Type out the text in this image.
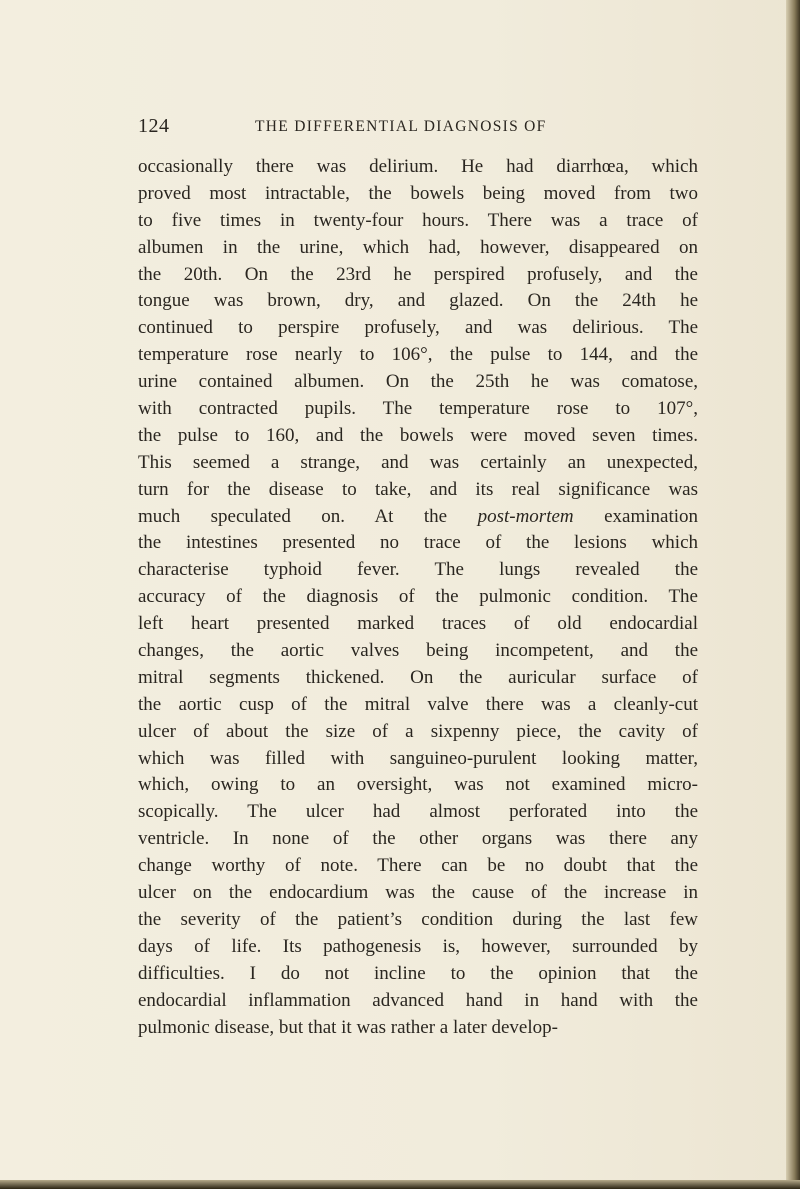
124	THE DIFFERENTIAL DIAGNOSIS OF
occasionally there was delirium. He had diarrhœa, which
proved most intractable, the bowels being moved from two
to five times in twenty-four hours. There was a trace of
albumen in the urine, which had, however, disappeared on
the 20th. On the 23rd he perspired profusely, and the
tongue was brown, dry, and glazed. On the 24th he
continued to perspire profusely, and was delirious. The
temperature rose nearly to 106°, the pulse to 144, and the
urine contained albumen. On the 25th he was comatose,
with contracted pupils. The temperature rose to 107°,
the pulse to 160, and the bowels were moved seven times.
This seemed a strange, and was certainly an unexpected,
turn for the disease to take, and its real significance was
much speculated on. At the post-mortem examination
the intestines presented no trace of the lesions which
characterise typhoid fever. The lungs revealed the
accuracy of the diagnosis of the pulmonic condition. The
left heart presented marked traces of old endocardial
changes, the aortic valves being incompetent, and the
mitral segments thickened. On the auricular surface of
the aortic cusp of the mitral valve there was a cleanly-cut
ulcer of about the size of a sixpenny piece, the cavity of
which was filled with sanguineo-purulent looking matter,
which, owing to an oversight, was not examined micro-
scopically. The ulcer had almost perforated into the
ventricle. In none of the other organs was there any
change worthy of note. There can be no doubt that the
ulcer on the endocardium was the cause of the increase in
the severity of the patient’s condition during the last few
days of life. Its pathogenesis is, however, surrounded by
difficulties. I do not incline to the opinion that the
endocardial inflammation advanced hand in hand with the
pulmonic disease, but that it was rather a later develop-
